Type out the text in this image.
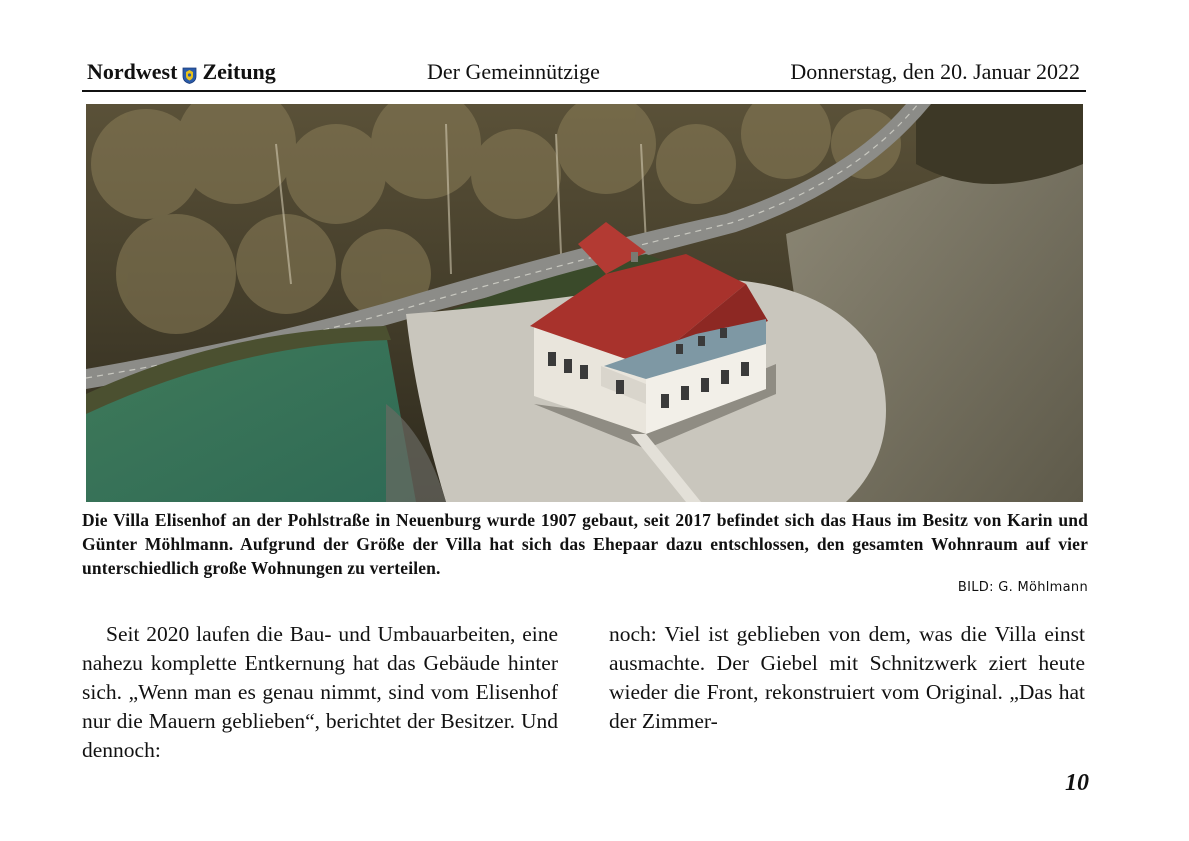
Nordwest Zeitung	Der Gemeinnützige	Donnerstag, den 20. Januar 2022
Die Villa Elisenhof an der Pohlstraße in Neuenburg wurde 1907 gebaut, seit 2017 befindet sich das Haus im Besitz von Karin und Günter Möhlmann. Aufgrund der Größe der Villa hat sich das Ehepaar dazu entschlossen, den gesamten Wohnraum auf vier unterschiedlich große Wohnungen zu verteilen.
BILD: G. Möhlmann
Seit 2020 laufen die Bau- und Umbauarbeiten, eine nahezu komplette Entkernung hat das Gebäude hinter sich. „Wenn man es genau nimmt, sind vom Elisenhof nur die Mauern geblieben“, berichtet der Besitzer. Und dennoch:
noch: Viel ist geblieben von dem, was die Villa einst ausmachte. Der Giebel mit Schnitzwerk ziert heute wieder die Front, rekonstruiert vom Original. „Das hat der Zimmer-
10
